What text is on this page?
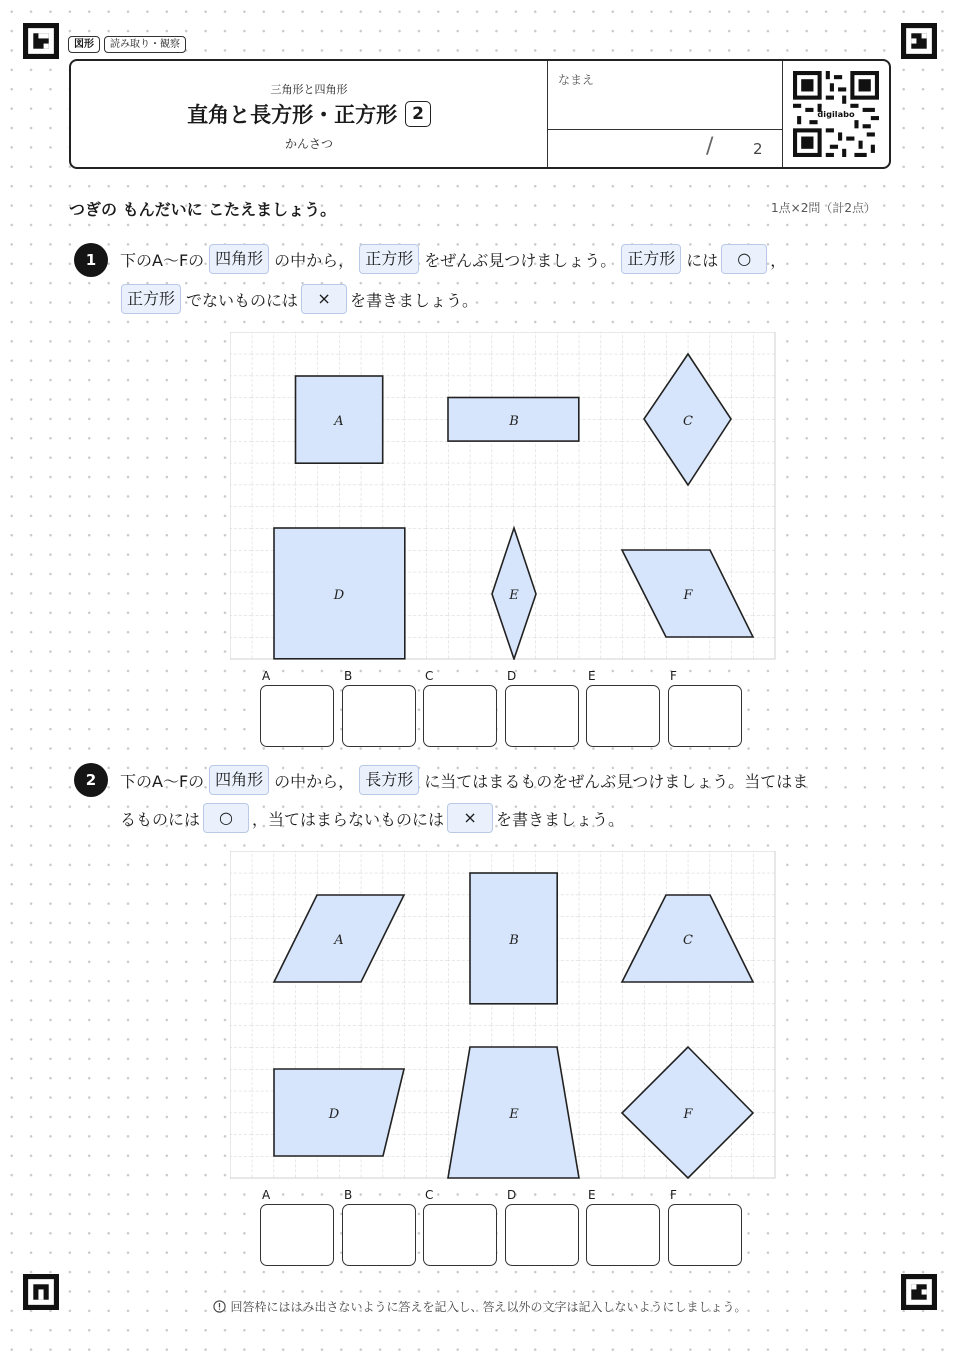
図形	読み取り・観察
三角形と四角形
直角と長方形・正方形 2
かんさつ
なまえ
/	2
digilabo
つぎの もんだいに こたえましょう。	1点×2問（計2点）
1	下のA〜Fの 四角形 の中から， 正方形 をぜんぶ見つけましょう。 正方形 には	○	，
正方形 でないものには	×	を書きましょう。
A	B	C
D	E	F
A	B	C	D	E	F
2	下のA〜Fの 四角形 の中から， 長方形 に当てはまるものをぜんぶ見つけましょう。当てはま
るものには	○	，当てはまらないものには	×	を書きましょう。
A	B	C
D	E	F
A	B	C	D	E	F
回答枠にははみ出さないように答えを記入し、答え以外の文字は記入しないようにしましょう。
